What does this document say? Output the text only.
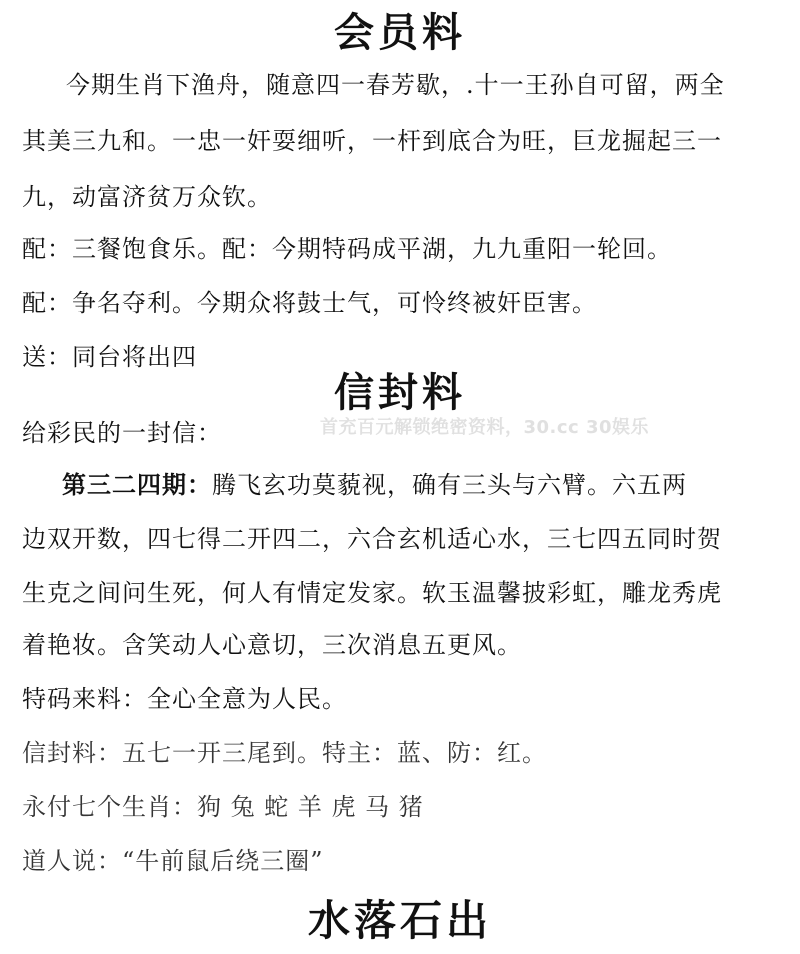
会员料
今期生肖下渔舟，随意四一春芳歇，.十一王孙自可留，两全
其美三九和。一忠一奸耍细听，一杆到底合为旺，巨龙掘起三一
九，动富济贫万众钦。
配：三餐饱食乐。配：今期特码成平湖，九九重阳一轮回。
配：争名夺利。今期众将鼓士气，可怜终被奸臣害。
送：同台将出四
信封料
给彩民的一封信：	首充百元解锁绝密资料，30.cc 30娱乐
第三二四期：腾飞玄功莫藐视，确有三头与六臂。六五两
边双开数，四七得二开四二，六合玄机适心水，三七四五同时贺
生克之间问生死，何人有情定发家。软玉温馨披彩虹，雕龙秀虎
着艳妆。含笑动人心意切，三次消息五更风。
特码来料：全心全意为人民。
信封料：五七一开三尾到。特主：蓝、防：红。
永付七个生肖：狗 兔 蛇 羊 虎 马 猪
道人说：“牛前鼠后绕三圈”
水落石出
